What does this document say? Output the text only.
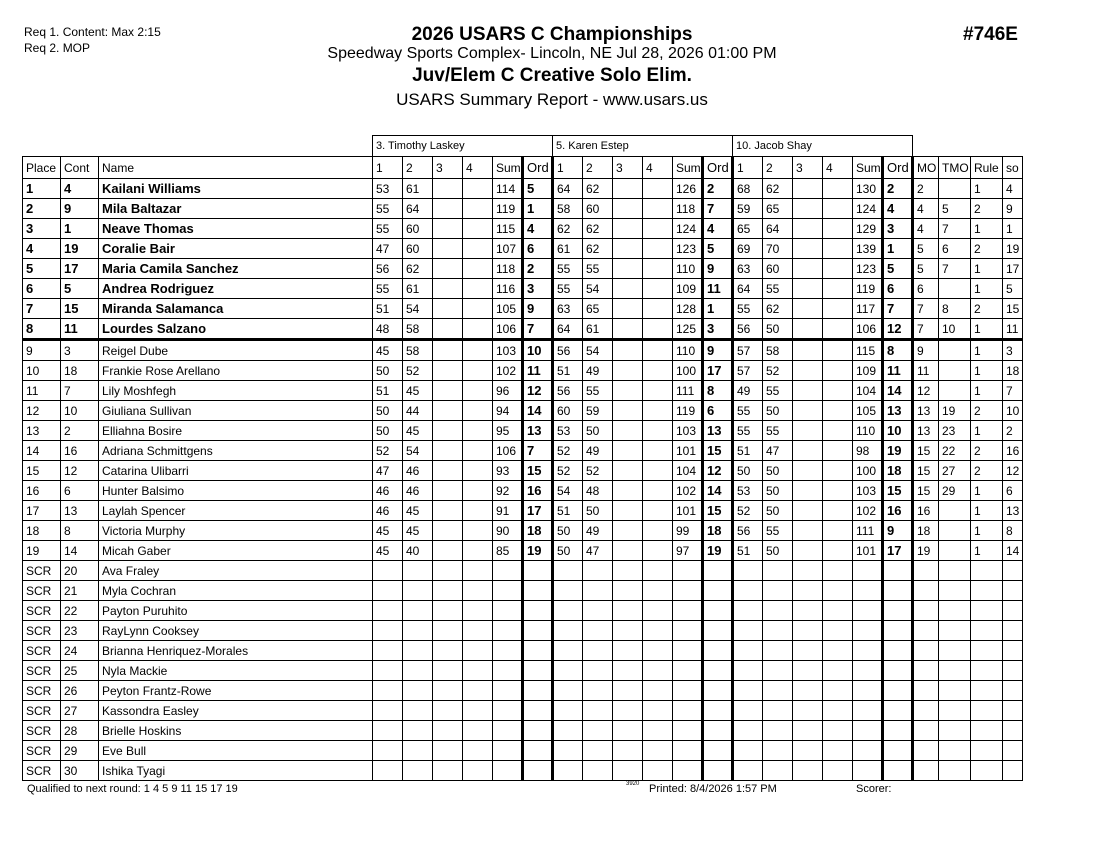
Req 1. Content: Max 2:15
Req 2. MOP
2026 USARS C Championships
Speedway Sports Complex- Lincoln, NE Jul 28, 2026 01:00 PM
Juv/Elem C Creative Solo Elim.
USARS Summary Report - www.usars.us
#746E
			3. Timothy Laskey						5. Karen Estep						10. Jacob Shay									
Place	Cont	Name	1	2	3	4	Sum	Ord	1	2	3	4	Sum	Ord	1	2	3	4	Sum	Ord	MO	TMO	Rule	so
1	4	Kailani Williams	53	61			114	5	64	62			126	2	68	62			130	2	2		1	4
2	9	Mila Baltazar	55	64			119	1	58	60			118	7	59	65			124	4	4	5	2	9
3	1	Neave Thomas	55	60			115	4	62	62			124	4	65	64			129	3	4	7	1	1
4	19	Coralie Bair	47	60			107	6	61	62			123	5	69	70			139	1	5	6	2	19
5	17	Maria Camila Sanchez	56	62			118	2	55	55			110	9	63	60			123	5	5	7	1	17
6	5	Andrea Rodriguez	55	61			116	3	55	54			109	11	64	55			119	6	6		1	5
7	15	Miranda Salamanca	51	54			105	9	63	65			128	1	55	62			117	7	7	8	2	15
8	11	Lourdes Salzano	48	58			106	7	64	61			125	3	56	50			106	12	7	10	1	11
9	3	Reigel Dube	45	58			103	10	56	54			110	9	57	58			115	8	9		1	3
10	18	Frankie Rose Arellano	50	52			102	11	51	49			100	17	57	52			109	11	11		1	18
11	7	Lily Moshfegh	51	45			96	12	56	55			111	8	49	55			104	14	12		1	7
12	10	Giuliana Sullivan	50	44			94	14	60	59			119	6	55	50			105	13	13	19	2	10
13	2	Elliahna Bosire	50	45			95	13	53	50			103	13	55	55			110	10	13	23	1	2
14	16	Adriana Schmittgens	52	54			106	7	52	49			101	15	51	47			98	19	15	22	2	16
15	12	Catarina Ulibarri	47	46			93	15	52	52			104	12	50	50			100	18	15	27	2	12
16	6	Hunter Balsimo	46	46			92	16	54	48			102	14	53	50			103	15	15	29	1	6
17	13	Laylah Spencer	46	45			91	17	51	50			101	15	52	50			102	16	16		1	13
18	8	Victoria Murphy	45	45			90	18	50	49			99	18	56	55			111	9	18		1	8
19	14	Micah Gaber	45	40			85	19	50	47			97	19	51	50			101	17	19		1	14
SCR	20	Ava Fraley																						
SCR	21	Myla Cochran																						
SCR	22	Payton Puruhito																						
SCR	23	RayLynn Cooksey																						
SCR	24	Brianna Henriquez-Morales																						
SCR	25	Nyla Mackie																						
SCR	26	Peyton Frantz-Rowe																						
SCR	27	Kassondra Easley																						
SCR	28	Brielle Hoskins																						
SCR	29	Eve Bull																						
SCR	30	Ishika Tyagi																						
Qualified to next round: 1 4 5 9 11 15 17 19	3920 Printed: 8/4/2026 1:57 PM	Scorer:
